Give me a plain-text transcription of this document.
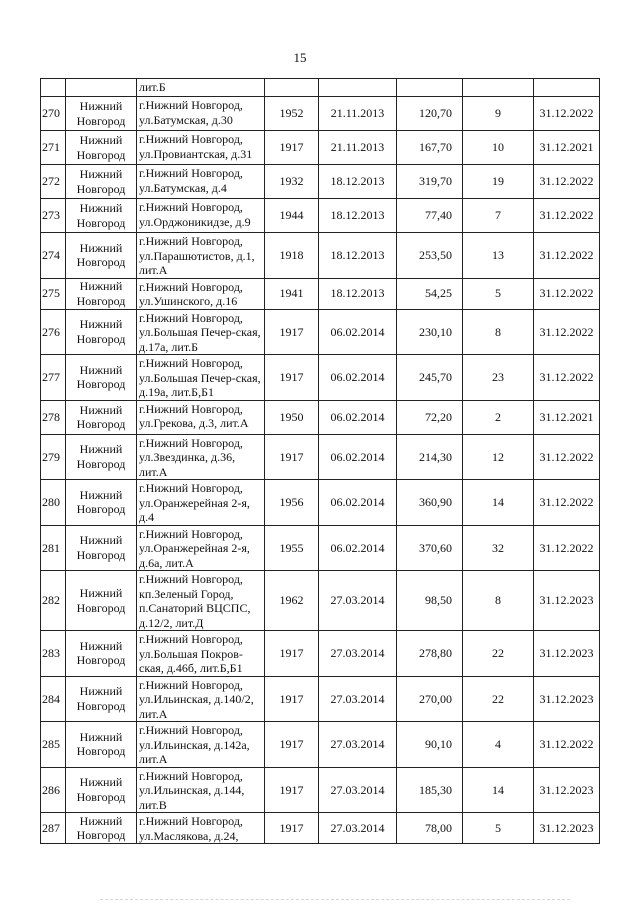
15
		лит.Б					
270	Нижний Новгород	г.Нижний Новгород, ул.Батумская, д.30	1952	21.11.2013	120,70	9	31.12.2022
271	Нижний Новгород	г.Нижний Новгород, ул.Провиантская, д.31	1917	21.11.2013	167,70	10	31.12.2021
272	Нижний Новгород	г.Нижний Новгород, ул.Батумская, д.4	1932	18.12.2013	319,70	19	31.12.2022
273	Нижний Новгород	г.Нижний Новгород, ул.Орджоникидзе, д.9	1944	18.12.2013	77,40	7	31.12.2022
274	Нижний Новгород	г.Нижний Новгород, ул.Парашютистов, д.1, лит.А	1918	18.12.2013	253,50	13	31.12.2022
275	Нижний Новгород	г.Нижний Новгород, ул.Ушинского, д.16	1941	18.12.2013	54,25	5	31.12.2022
276	Нижний Новгород	г.Нижний Новгород, ул.Большая Печер-ская, д.17а, лит.Б	1917	06.02.2014	230,10	8	31.12.2022
277	Нижний Новгород	г.Нижний Новгород, ул.Большая Печер-ская, д.19а, лит.Б,Б1	1917	06.02.2014	245,70	23	31.12.2022
278	Нижний Новгород	г.Нижний Новгород, ул.Грекова, д.3, лит.А	1950	06.02.2014	72,20	2	31.12.2021
279	Нижний Новгород	г.Нижний Новгород, ул.Звездинка, д.36, лит.А	1917	06.02.2014	214,30	12	31.12.2022
280	Нижний Новгород	г.Нижний Новгород, ул.Оранжерейная 2-я, д.4	1956	06.02.2014	360,90	14	31.12.2022
281	Нижний Новгород	г.Нижний Новгород, ул.Оранжерейная 2-я, д.6а, лит.А	1955	06.02.2014	370,60	32	31.12.2022
282	Нижний Новгород	г.Нижний Новгород, кп.Зеленый Город, п.Санаторий ВЦСПС, д.12/2, лит.Д	1962	27.03.2014	98,50	8	31.12.2023
283	Нижний Новгород	г.Нижний Новгород, ул.Большая Покров-ская, д.46б, лит.Б,Б1	1917	27.03.2014	278,80	22	31.12.2023
284	Нижний Новгород	г.Нижний Новгород, ул.Ильинская, д.140/2, лит.А	1917	27.03.2014	270,00	22	31.12.2023
285	Нижний Новгород	г.Нижний Новгород, ул.Ильинская, д.142а, лит.А	1917	27.03.2014	90,10	4	31.12.2022
286	Нижний Новгород	г.Нижний Новгород, ул.Ильинская, д.144, лит.В	1917	27.03.2014	185,30	14	31.12.2023
287	Нижний Новгород	г.Нижний Новгород, ул.Маслякова, д.24,	1917	27.03.2014	78,00	5	31.12.2023
